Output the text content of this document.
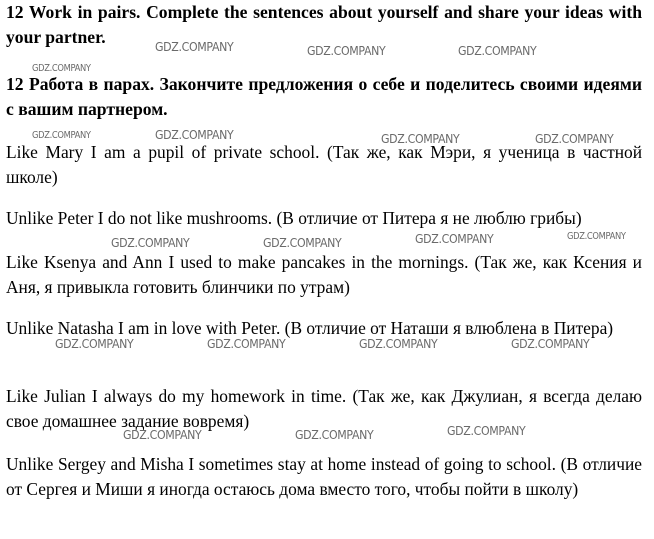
12 Work in pairs. Complete the sentences about yourself and share your ideas with your partner.

12 Работа в парах. Закончите предложения о себе и поделитесь своими идеями с вашим партнером.

Like Mary I am a pupil of private school. (Так же, как Мэри, я ученица в частной школе)

Unlike Peter I do not like mushrooms. (В отличие от Питера я не люблю грибы)

Like Ksenya and Ann I used to make pancakes in the mornings. (Так же, как Ксения и Аня, я привыкла готовить блинчики по утрам)

Unlike Natasha I am in love with Peter. (В отличие от Наташи я влюблена в Питера)

Like Julian I always do my homework in time. (Так же, как Джулиан, я всегда делаю свое домашнее задание вовремя)

Unlike Sergey and Misha I sometimes stay at home instead of going to school. (В отличие от Сергея и Миши я иногда остаюсь дома вместо того, чтобы пойти в школу)

GDZ.COMPANY	GDZ.COMPANY	GDZ.COMPANY
GDZ.COMPANY
GDZ.COMPANY	GDZ.COMPANY	GDZ.COMPANY	GDZ.COMPANY
GDZ.COMPANY	GDZ.COMPANY	GDZ.COMPANY	GDZ.COMPANY
GDZ.COMPANY	GDZ.COMPANY	GDZ.COMPANY	GDZ.COMPANY
GDZ.COMPANY	GDZ.COMPANY	GDZ.COMPANY
